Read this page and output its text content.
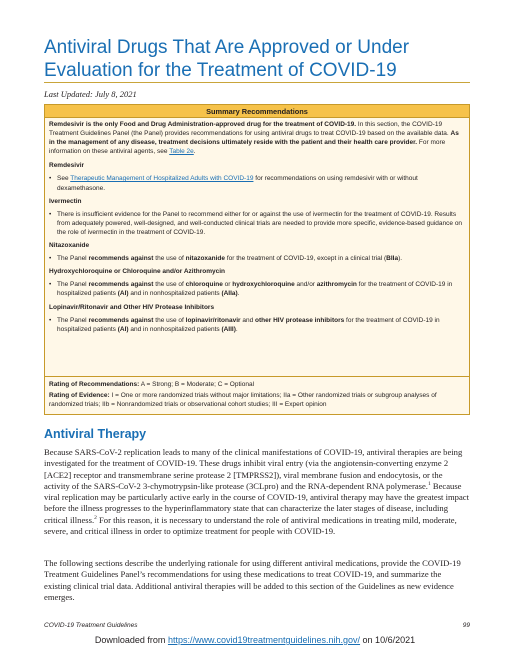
Antiviral Drugs That Are Approved or Under Evaluation for the Treatment of COVID-19
Last Updated: July 8, 2021
Summary Recommendations

Remdesivir is the only Food and Drug Administration-approved drug for the treatment of COVID-19. In this section, the COVID-19 Treatment Guidelines Panel (the Panel) provides recommendations for using antiviral drugs to treat COVID-19 based on the available data. As in the management of any disease, treatment decisions ultimately reside with the patient and their health care provider. For more information on these antiviral agents, see Table 2e.

Remdesivir
• See Therapeutic Management of Hospitalized Adults with COVID-19 for recommendations on using remdesivir with or without dexamethasone.
Ivermectin
• There is insufficient evidence for the Panel to recommend either for or against the use of ivermectin for the treatment of COVID-19. Results from adequately powered, well-designed, and well-conducted clinical trials are needed to provide more specific, evidence-based guidance on the role of ivermectin in the treatment of COVID-19.
Nitazoxanide
• The Panel recommends against the use of nitazoxanide for the treatment of COVID-19, except in a clinical trial (BIIa).
Hydroxychloroquine or Chloroquine and/or Azithromycin
• The Panel recommends against the use of chloroquine or hydroxychloroquine and/or azithromycin for the treatment of COVID-19 in hospitalized patients (AI) and in nonhospitalized patients (AIIa).
Lopinavir/Ritonavir and Other HIV Protease Inhibitors
• The Panel recommends against the use of lopinavir/ritonavir and other HIV protease inhibitors for the treatment of COVID-19 in hospitalized patients (AI) and in nonhospitalized patients (AIII).

Rating of Recommendations: A = Strong; B = Moderate; C = Optional

Rating of Evidence: I = One or more randomized trials without major limitations; IIa = Other randomized trials or subgroup analyses of randomized trials; IIb = Nonrandomized trials or observational cohort studies; III = Expert opinion

Antiviral Therapy

Because SARS-CoV-2 replication leads to many of the clinical manifestations of COVID-19, antiviral therapies are being investigated for the treatment of COVID-19. These drugs inhibit viral entry (via the angiotensin-converting enzyme 2 [ACE2] receptor and transmembrane serine protease 2 [TMPRSS2]), viral membrane fusion and endocytosis, or the activity of the SARS-CoV-2 3-chymotrypsin-like protease (3CLpro) and the RNA-dependent RNA polymerase.$^1$ Because viral replication may be particularly active early in the course of COVID-19, antiviral therapy may have the greatest impact before the illness progresses to the hyperinflammatory state that can characterize the later stages of disease, including critical illness.$^2$ For this reason, it is necessary to understand the role of antiviral medications in treating mild, moderate, severe, and critical illness in order to optimize treatment for people with COVID-19.

The following sections describe the underlying rationale for using different antiviral medications, provide the COVID-19 Treatment Guidelines Panel’s recommendations for using these medications to treat COVID-19, and summarize the existing clinical trial data. Additional antiviral therapies will be added to this section of the Guidelines as new evidence emerges.

COVID-19 Treatment Guidelines	99
Downloaded from https://www.covid19treatmentguidelines.nih.gov/ on 10/6/2021
